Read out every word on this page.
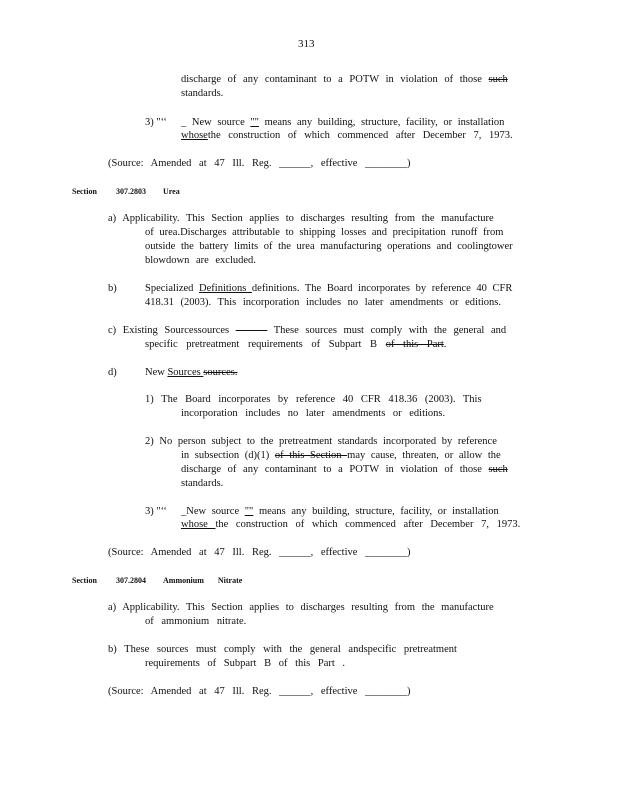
313
discharge of any contaminant to a POTW in violation of those such
standards.
3) "‘‘ _ New source "" means any building, structure, facility, or installation
whosethe construction of which commenced after December 7, 1973.
(Source: Amended at 47 Ill. Reg. ______, effective ________)
Section 307.2803 Urea
a) Applicability. This Section applies to discharges resulting from the manufacture
of urea.Discharges attributable to shipping losses and precipitation runoff from
outside the battery limits of the urea manufacturing operations and coolingtower
blowdown are excluded.
b)	Specialized Definitions definitions. The Board incorporates by reference 40 CFR
418.31 (2003). This incorporation includes no later amendments or editions.
c) Existing Sourcessources ——— These sources must comply with the general and
specific pretreatment requirements of Subpart B of this Part.
d)	New Sources sources.
1) The Board incorporates by reference 40 CFR 418.36 (2003). This
incorporation includes no later amendments or editions.
2) No person subject to the pretreatment standards incorporated by reference
in subsection (d)(1) of this Section may cause, threaten, or allow the
discharge of any contaminant to a POTW in violation of those such
standards.
3) "‘‘ _New source "" means any building, structure, facility, or installation
whose the construction of which commenced after December 7, 1973.
(Source: Amended at 47 Ill. Reg. ______, effective ________)
Section 307.2804 Ammonium Nitrate
a) Applicability. This Section applies to discharges resulting from the manufacture
of ammonium nitrate.
b) These sources must comply with the general andspecific pretreatment
requirements of Subpart B of this Part .
(Source: Amended at 47 Ill. Reg. ______, effective ________)
